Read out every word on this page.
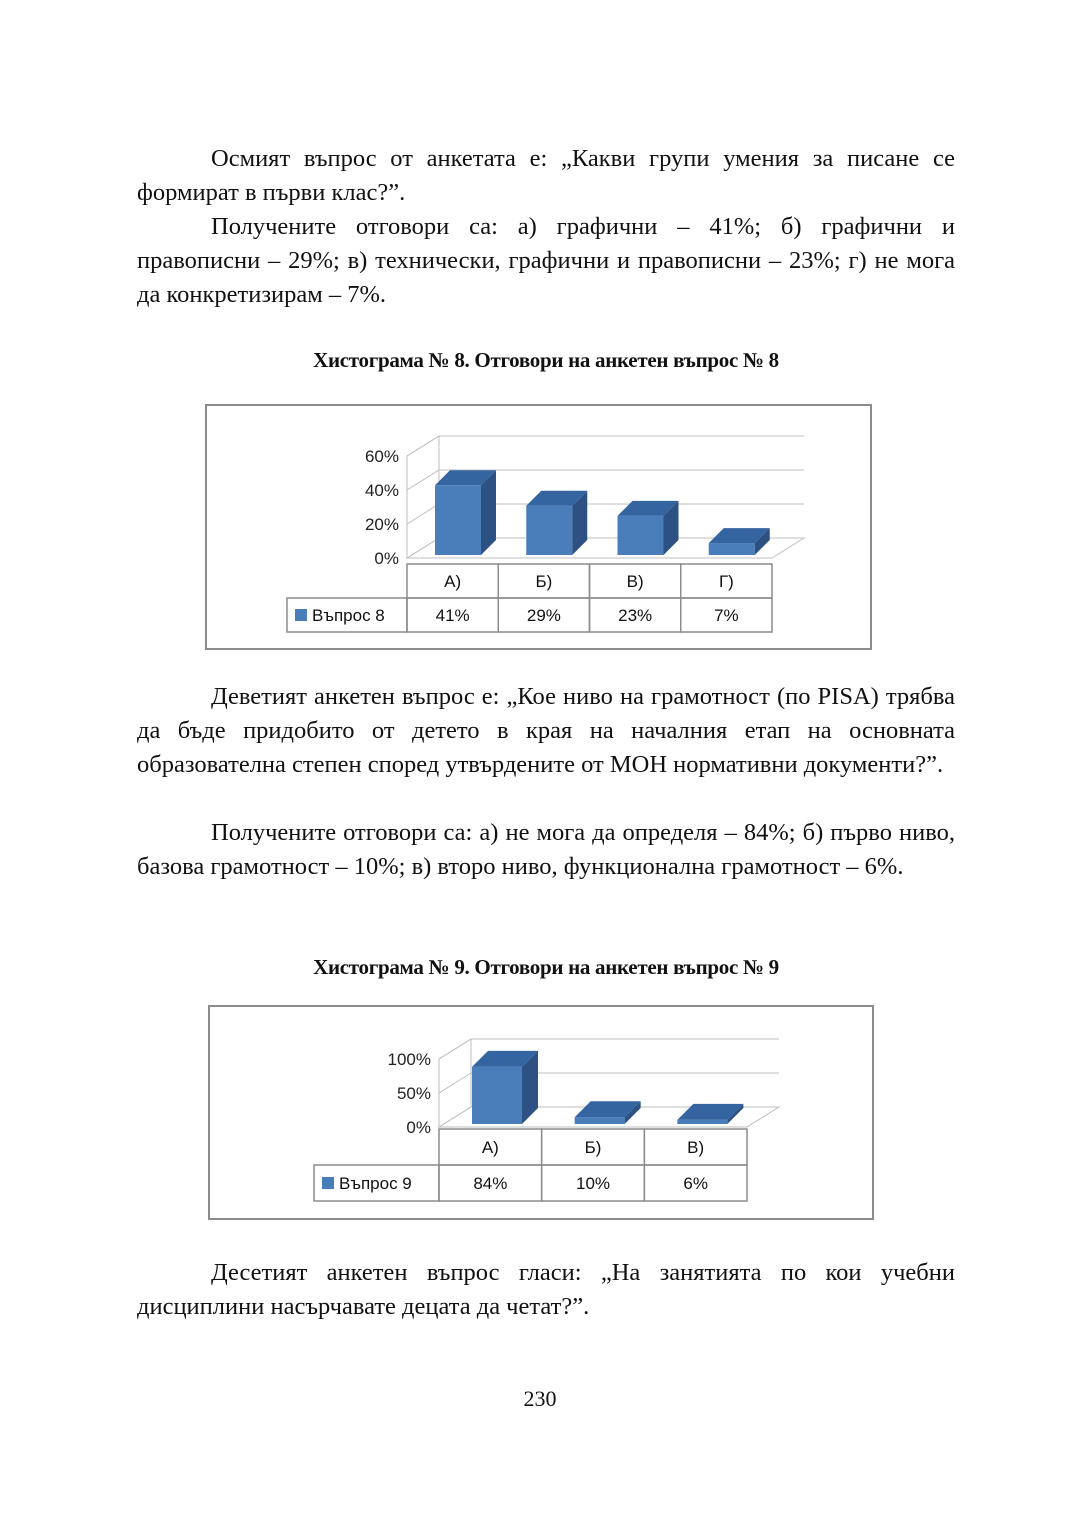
Осмият въпрос от анкетата е: „Какви групи умения за писане се формират в първи клас?”.

Получените отговори са: а) графични – 41%; б) графични и правописни – 29%; в) технически, графични и правописни – 23%; г) не мога да конкретизирам – 7%.

Хистограма № 8. Отговори на анкетен въпрос № 8
0%
20%
40%
60%
А)	Б)	В)	Г)
Въпрос 8	41%	29%	23%	7%

Деветият анкетен въпрос е: „Кое ниво на грамотност (по PISA) трябва да бъде придобито от детето в края на началния етап на основната образователна степен според утвърдените от МОН нормативни документи?”.

Получените отговори са: а) не мога да определя – 84%; б) първо ниво, базова грамотност – 10%; в) второ ниво, функционална грамотност – 6%.

Хистограма № 9. Отговори на анкетен въпрос № 9
0%
50%
100%
А)	Б)	В)
Въпрос 9	84%	10%	6%

Десетият анкетен въпрос гласи: „На занятията по кои учебни дисциплини насърчавате децата да четат?”.

230
